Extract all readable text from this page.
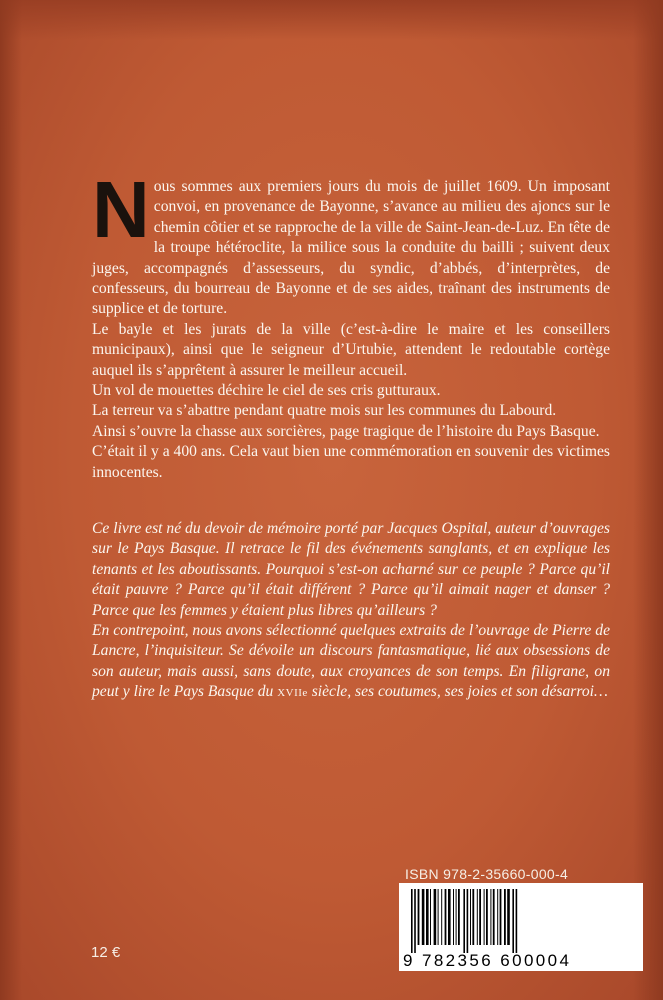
N ous sommes aux premiers jours du mois de juillet 1609. Un imposant convoi, en provenance de Bayonne, s’avance au milieu des ajoncs sur le chemin côtier et se rapproche de la ville de Saint-Jean-de-Luz. En tête de la troupe hétéroclite, la milice sous la conduite du bailli ; suivent deux juges, accompagnés d’assesseurs, du syndic, d’abbés, d’interprètes, de confesseurs, du bourreau de Bayonne et de ses aides, traînant des instruments de supplice et de torture.

Le bayle et les jurats de la ville (c’est-à-dire le maire et les conseillers municipaux), ainsi que le seigneur d’Urtubie, attendent le redoutable cortège auquel ils s’apprêtent à assurer le meilleur accueil.

Un vol de mouettes déchire le ciel de ses cris gutturaux.

La terreur va s’abattre pendant quatre mois sur les communes du Labourd.

Ainsi s’ouvre la chasse aux sorcières, page tragique de l’histoire du Pays Basque.

C’était il y a 400 ans. Cela vaut bien une commémoration en souvenir des victimes innocentes.

Ce livre est né du devoir de mémoire porté par Jacques Ospital, auteur d’ouvrages sur le Pays Basque. Il retrace le fil des événements sanglants, et en explique les tenants et les aboutissants. Pourquoi s’est-on acharné sur ce peuple ? Parce qu’il était pauvre ? Parce qu’il était différent ? Parce qu’il aimait nager et danser ? Parce que les femmes y étaient plus libres qu’ailleurs ?

En contrepoint, nous avons sélectionné quelques extraits de l’ouvrage de Pierre de Lancre, l’inquisiteur. Se dévoile un discours fantasmatique, lié aux obsessions de son auteur, mais aussi, sans doute, aux croyances de son temps. En filigrane, on peut y lire le Pays Basque du XVIIe siècle, ses coutumes, ses joies et son désarroi…

ISBN 978-2-35660-000-4
9 782356 600004
12 €
